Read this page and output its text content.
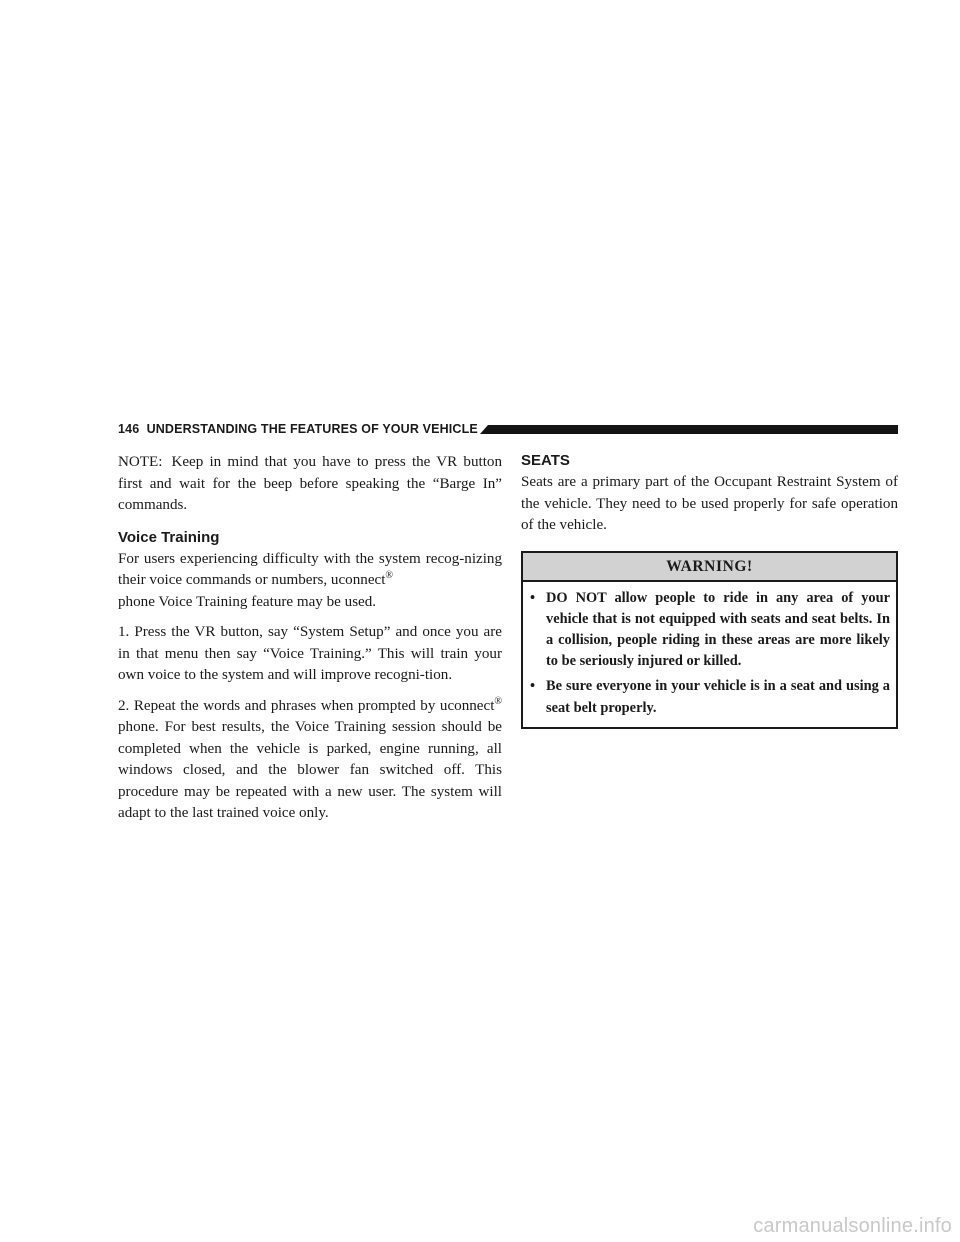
146 UNDERSTANDING THE FEATURES OF YOUR VEHICLE

NOTE: Keep in mind that you have to press the VR button first and wait for the beep before speaking the “Barge In” commands.

Voice Training

For users experiencing difficulty with the system recog-nizing their voice commands or numbers, uconnect®
phone Voice Training feature may be used.

1. Press the VR button, say “System Setup” and once you are in that menu then say “Voice Training.” This will train your own voice to the system and will improve recogni-tion.

2. Repeat the words and phrases when prompted by uconnect® phone. For best results, the Voice Training session should be completed when the vehicle is parked, engine running, all windows closed, and the blower fan switched off. This procedure may be repeated with a new user. The system will adapt to the last trained voice only.

SEATS

Seats are a primary part of the Occupant Restraint System of the vehicle. They need to be used properly for safe operation of the vehicle.

WARNING!
• DO NOT allow people to ride in any area of your vehicle that is not equipped with seats and seat belts. In a collision, people riding in these areas are more likely to be seriously injured or killed.
• Be sure everyone in your vehicle is in a seat and using a seat belt properly.
carmanualsonline.info
